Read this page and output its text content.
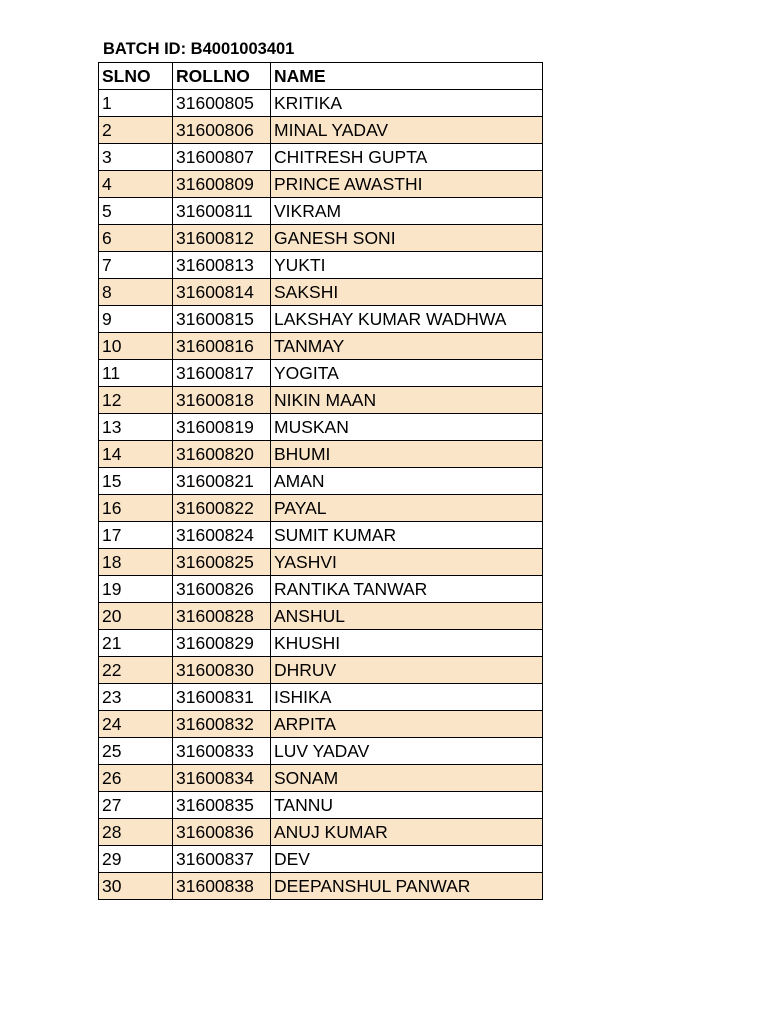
BATCH ID: B4001003401
SLNO	ROLLNO	NAME
1	31600805	KRITIKA
2	31600806	MINAL YADAV
3	31600807	CHITRESH GUPTA
4	31600809	PRINCE AWASTHI
5	31600811	VIKRAM
6	31600812	GANESH SONI
7	31600813	YUKTI
8	31600814	SAKSHI
9	31600815	LAKSHAY KUMAR WADHWA
10	31600816	TANMAY
11	31600817	YOGITA
12	31600818	NIKIN MAAN
13	31600819	MUSKAN
14	31600820	BHUMI
15	31600821	AMAN
16	31600822	PAYAL
17	31600824	SUMIT KUMAR
18	31600825	YASHVI
19	31600826	RANTIKA TANWAR
20	31600828	ANSHUL
21	31600829	KHUSHI
22	31600830	DHRUV
23	31600831	ISHIKA
24	31600832	ARPITA
25	31600833	LUV YADAV
26	31600834	SONAM
27	31600835	TANNU
28	31600836	ANUJ KUMAR
29	31600837	DEV
30	31600838	DEEPANSHUL PANWAR
